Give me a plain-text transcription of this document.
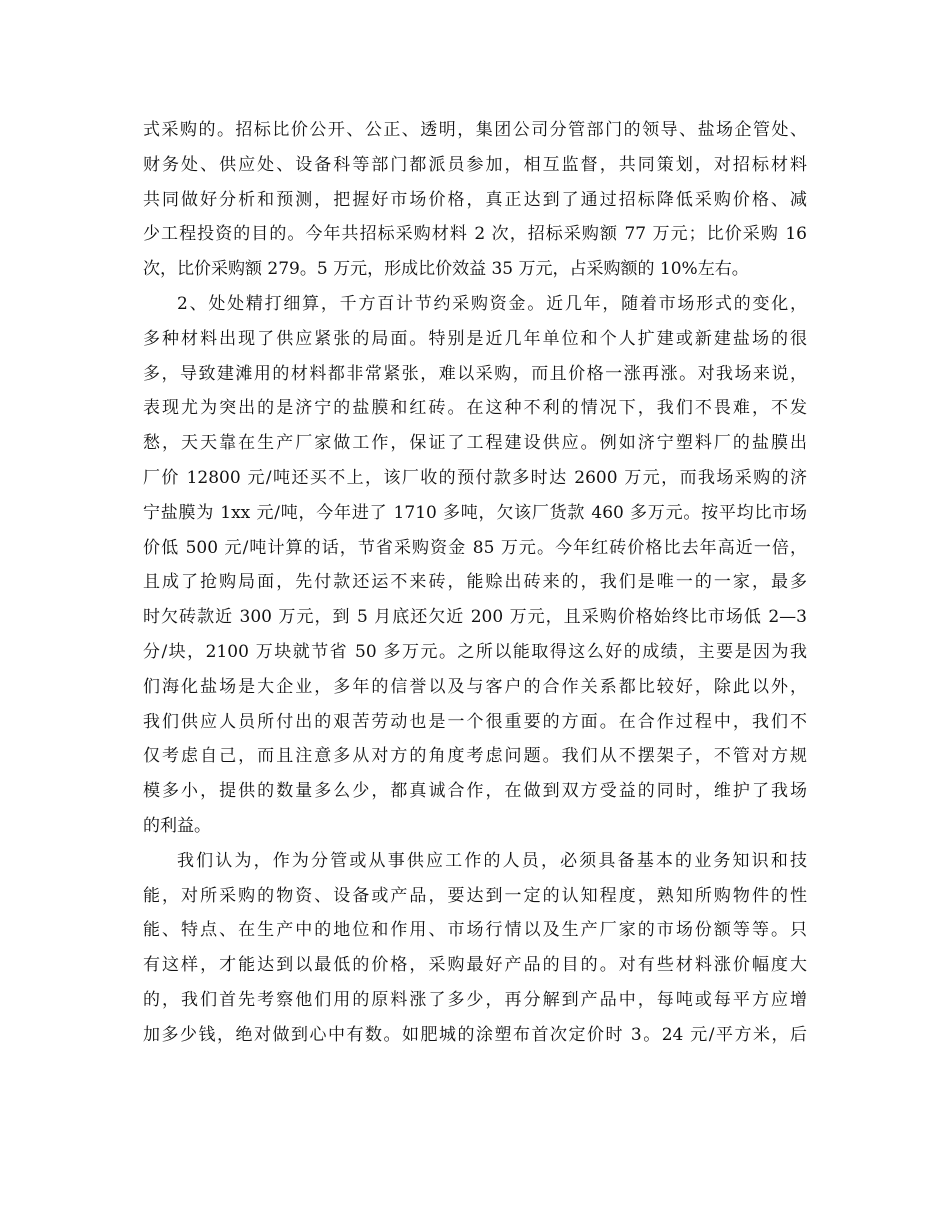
式采购的。招标比价公开、公正、透明，集团公司分管部门的领导、盐场企管处、
财务处、供应处、设备科等部门都派员参加，相互监督，共同策划，对招标材料
共同做好分析和预测，把握好市场价格，真正达到了通过招标降低采购价格、减
少工程投资的目的。今年共招标采购材料 2 次，招标采购额 77 万元；比价采购 16
次，比价采购额 279。5 万元，形成比价效益 35 万元，占采购额的 10%左右。
2、处处精打细算，千方百计节约采购资金。近几年，随着市场形式的变化，
多种材料出现了供应紧张的局面。特别是近几年单位和个人扩建或新建盐场的很
多，导致建滩用的材料都非常紧张，难以采购，而且价格一涨再涨。对我场来说，
表现尤为突出的是济宁的盐膜和红砖。在这种不利的情况下，我们不畏难，不发
愁，天天靠在生产厂家做工作，保证了工程建设供应。例如济宁塑料厂的盐膜出
厂价 12800 元/吨还买不上，该厂收的预付款多时达 2600 万元，而我场采购的济
宁盐膜为 1xx 元/吨，今年进了 1710 多吨，欠该厂货款 460 多万元。按平均比市场
价低 500 元/吨计算的话，节省采购资金 85 万元。今年红砖价格比去年高近一倍，
且成了抢购局面，先付款还运不来砖，能赊出砖来的，我们是唯一的一家，最多
时欠砖款近 300 万元，到 5 月底还欠近 200 万元，且采购价格始终比市场低 2—3
分/块，2100 万块就节省 50 多万元。之所以能取得这么好的成绩，主要是因为我
们海化盐场是大企业，多年的信誉以及与客户的合作关系都比较好，除此以外，
我们供应人员所付出的艰苦劳动也是一个很重要的方面。在合作过程中，我们不
仅考虑自己，而且注意多从对方的角度考虑问题。我们从不摆架子，不管对方规
模多小，提供的数量多么少，都真诚合作，在做到双方受益的同时，维护了我场
的利益。
我们认为，作为分管或从事供应工作的人员，必须具备基本的业务知识和技
能，对所采购的物资、设备或产品，要达到一定的认知程度，熟知所购物件的性
能、特点、在生产中的地位和作用、市场行情以及生产厂家的市场份额等等。只
有这样，才能达到以最低的价格，采购最好产品的目的。对有些材料涨价幅度大
的，我们首先考察他们用的原料涨了多少，再分解到产品中，每吨或每平方应增
加多少钱，绝对做到心中有数。如肥城的涂塑布首次定价时 3。24 元/平方米，后
